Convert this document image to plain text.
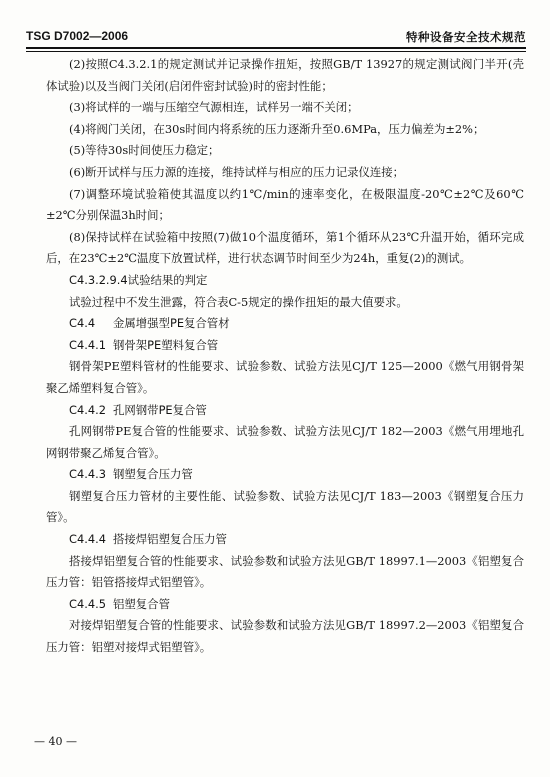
TSG D7002—2006	特种设备安全技术规范

(2)按照C4.3.2.1的规定测试并记录操作扭矩，按照GB/T 13927的规定测试阀门半开(壳体试验)以及当阀门关闭(启闭件密封试验)时的密封性能；

(3)将试样的一端与压缩空气源相连，试样另一端不关闭；

(4)将阀门关闭，在30s时间内将系统的压力逐渐升至0.6MPa，压力偏差为±2%；

(5)等待30s时间使压力稳定；

(6)断开试样与压力源的连接，维持试样与相应的压力记录仪连接；

(7)调整环境试验箱使其温度以约1℃/min的速率变化，在极限温度-20℃±2℃及60℃±2℃分别保温3h时间；

(8)保持试样在试验箱中按照(7)做10个温度循环，第1个循环从23℃升温开始，循环完成后，在23℃±2℃温度下放置试样，进行状态调节时间至少为24h，重复(2)的测试。

C4.3.2.9.4试验结果的判定

试验过程中不发生泄露，符合表C-5规定的操作扭矩的最大值要求。

C4.4 金属增强型PE复合管材

C4.4.1 钢骨架PE塑料复合管

钢骨架PE塑料管材的性能要求、试验参数、试验方法见CJ/T 125—2000《燃气用钢骨架聚乙烯塑料复合管》。

C4.4.2 孔网钢带PE复合管

孔网钢带PE复合管的性能要求、试验参数、试验方法见CJ/T 182—2003《燃气用埋地孔网钢带聚乙烯复合管》。

C4.4.3 钢塑复合压力管

钢塑复合压力管材的主要性能、试验参数、试验方法见CJ/T 183—2003《钢塑复合压力管》。

C4.4.4 搭接焊铝塑复合压力管

搭接焊铝塑复合管的性能要求、试验参数和试验方法见GB/T 18997.1—2003《铝塑复合压力管：铝管搭接焊式铝塑管》。

C4.4.5 铝塑复合管

对接焊铝塑复合管的性能要求、试验参数和试验方法见GB/T 18997.2—2003《铝塑复合压力管：铝塑对接焊式铝塑管》。

— 40 —
